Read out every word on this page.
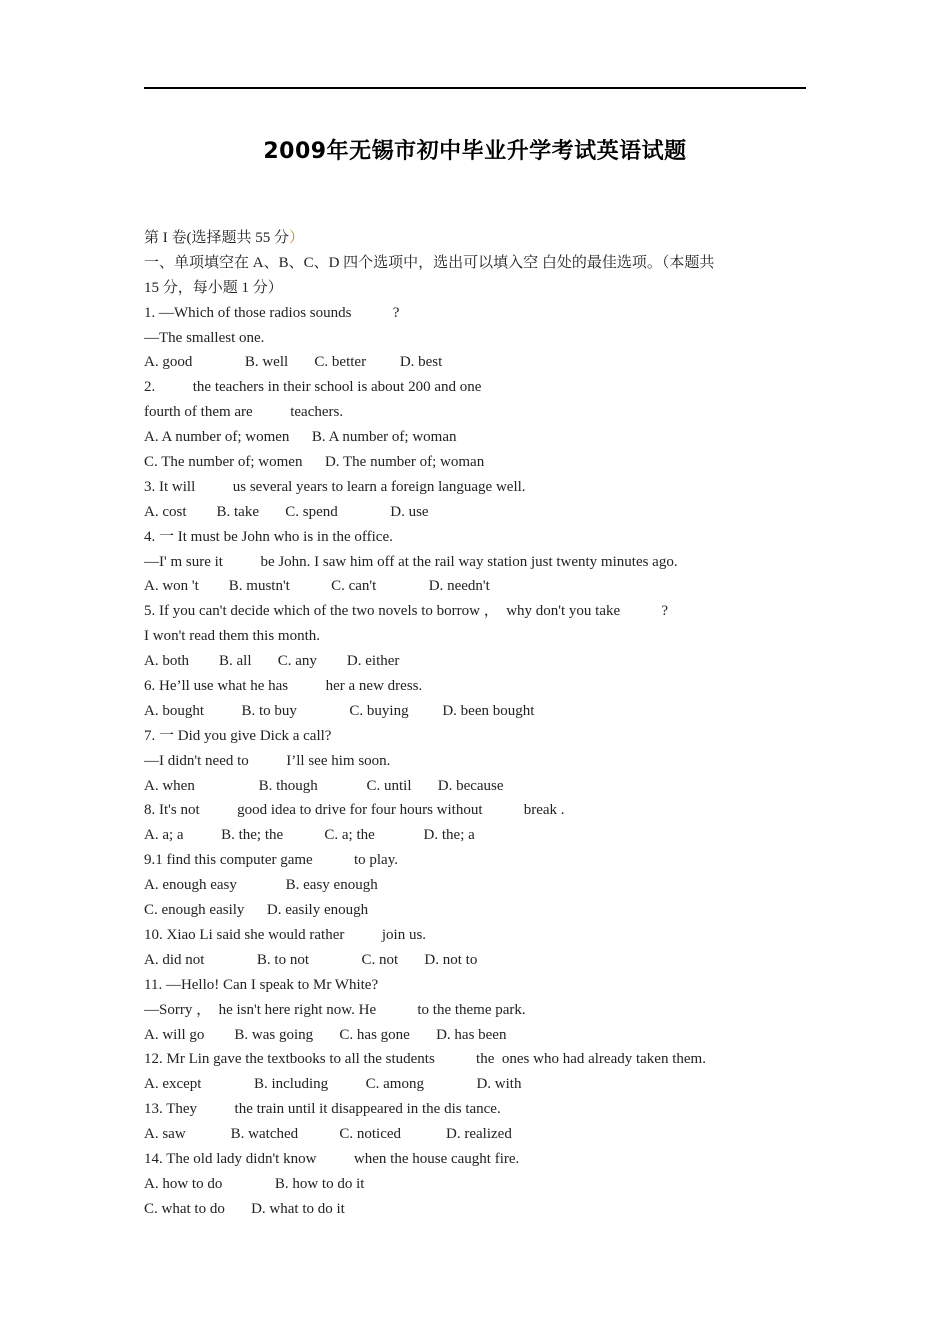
2009年无锡市初中毕业升学考试英语试题
第 I 卷(选择题共 55 分）
一、单项填空在 A、B、C、D 四个选项中，选出可以填入空 白处的最佳选项。（本题共
15 分，每小题 1 分）
1. —Which of those radios sounds           ?
—The smallest one.
A. good              B. well       C. better         D. best
2.          the teachers in their school is about 200 and one
fourth of them are          teachers.
A. A number of; women      B. A number of; woman
C. The number of; women      D. The number of; woman
3. It will          us several years to learn a foreign language well.
A. cost        B. take       C. spend              D. use
4. 一 It must be John who is in the office.
—I' m sure it          be John. I saw him off at the rail way station just twenty minutes ago.
A. won 't        B. mustn't           C. can't              D. needn't
5. If you can't decide which of the two novels to borrow ，  why don't you take           ?
I won't read them this month.
A. both        B. all       C. any        D. either
6. He’ll use what he has          her a new dress.
A. bought          B. to buy              C. buying         D. been bought
7. 一 Did you give Dick a call?
—I didn't need to          I’ll see him soon.
A. when                 B. though             C. until       D. because
8. It's not          good idea to drive for four hours without           break .
A. a; a          B. the; the           C. a; the             D. the; a
9.1 find this computer game           to play.
A. enough easy             B. easy enough
C. enough easily      D. easily enough
10. Xiao Li said she would rather          join us.
A. did not              B. to not              C. not       D. not to
11. —Hello! Can I speak to Mr White?
—Sorry ，  he isn't here right now. He           to the theme park.
A. will go        B. was going       C. has gone       D. has been
12. Mr Lin gave the textbooks to all the students           the  ones who had already taken them.
A. except              B. including          C. among              D. with
13. They          the train until it disappeared in the dis tance.
A. saw            B. watched           C. noticed            D. realized
14. The old lady didn't know          when the house caught fire.
A. how to do              B. how to do it
C. what to do       D. what to do it
